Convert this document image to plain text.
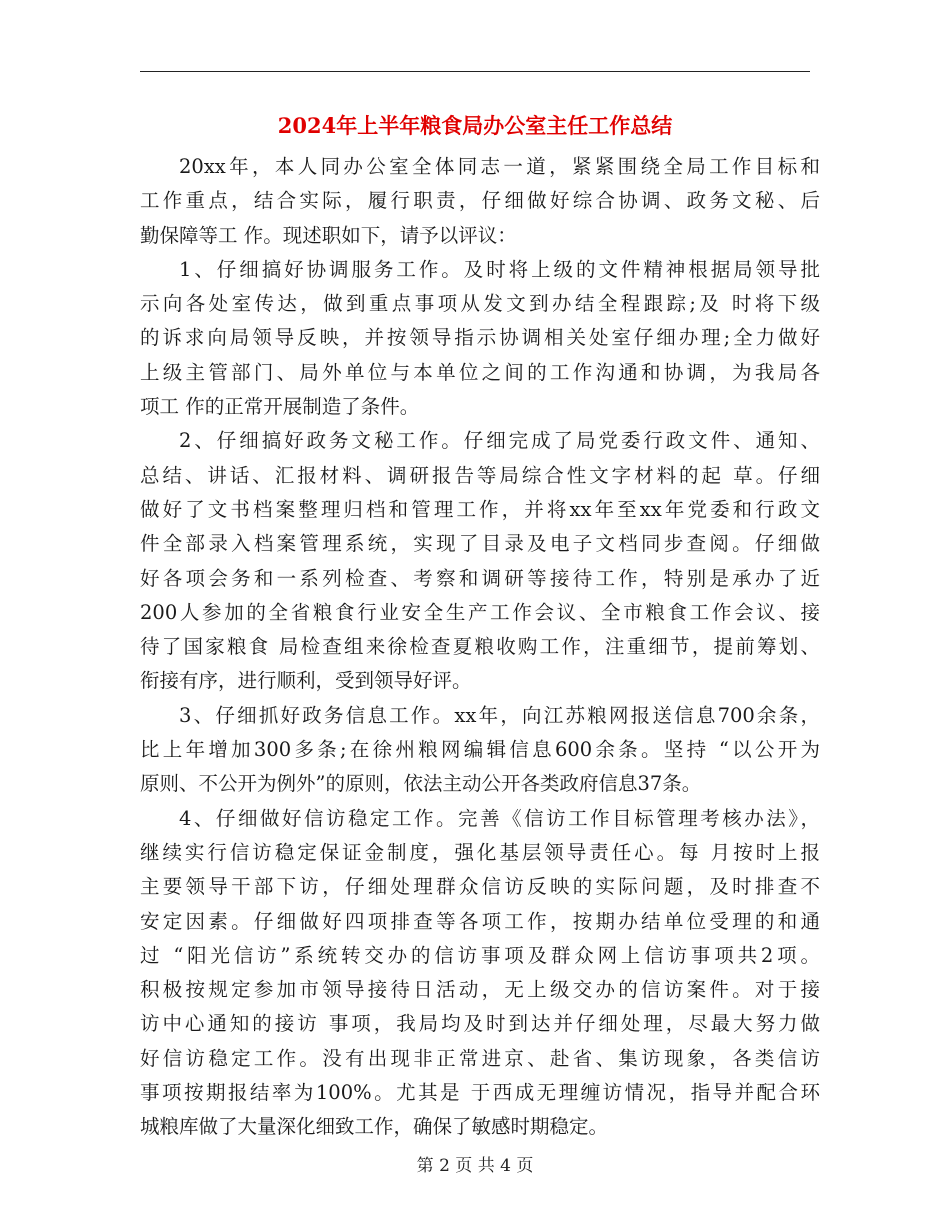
2024年上半年粮食局办公室主任工作总结
20xx年，本人同办公室全体同志一道，紧紧围绕全局工作目标和
工作重点，结合实际，履行职责，仔细做好综合协调、政务文秘、后
勤保障等工 作。现述职如下，请予以评议：
1、仔细搞好协调服务工作。及时将上级的文件精神根据局领导批
示向各处室传达，做到重点事项从发文到办结全程跟踪;及 时将下级
的诉求向局领导反映，并按领导指示协调相关处室仔细办理;全力做好
上级主管部门、局外单位与本单位之间的工作沟通和协调，为我局各
项工 作的正常开展制造了条件。
2、仔细搞好政务文秘工作。仔细完成了局党委行政文件、通知、
总结、讲话、汇报材料、调研报告等局综合性文字材料的起 草。仔细
做好了文书档案整理归档和管理工作，并将xx年至xx年党委和行政文
件全部录入档案管理系统，实现了目录及电子文档同步查阅。仔细做
好各项会务和一系列检查、考察和调研等接待工作，特别是承办了近
200人参加的全省粮食行业安全生产工作会议、全市粮食工作会议、接
待了国家粮食 局检查组来徐检查夏粮收购工作，注重细节，提前筹划、
衔接有序，进行顺利，受到领导好评。
3、仔细抓好政务信息工作。xx年，向江苏粮网报送信息700余条，
比上年增加300多条;在徐州粮网编辑信息600余条。坚持 “以公开为
原则、不公开为例外”的原则，依法主动公开各类政府信息37条。
4、仔细做好信访稳定工作。完善《信访工作目标管理考核办法》，
继续实行信访稳定保证金制度，强化基层领导责任心。每 月按时上报
主要领导干部下访，仔细处理群众信访反映的实际问题，及时排查不
安定因素。仔细做好四项排查等各项工作，按期办结单位受理的和通
过 “阳光信访”系统转交办的信访事项及群众网上信访事项共2项。
积极按规定参加市领导接待日活动，无上级交办的信访案件。对于接
访中心通知的接访 事项，我局均及时到达并仔细处理，尽最大努力做
好信访稳定工作。没有出现非正常进京、赴省、集访现象，各类信访
事项按期报结率为100%。尤其是 于西成无理缠访情况，指导并配合环
城粮库做了大量深化细致工作，确保了敏感时期稳定。
第 2 页 共 4 页
